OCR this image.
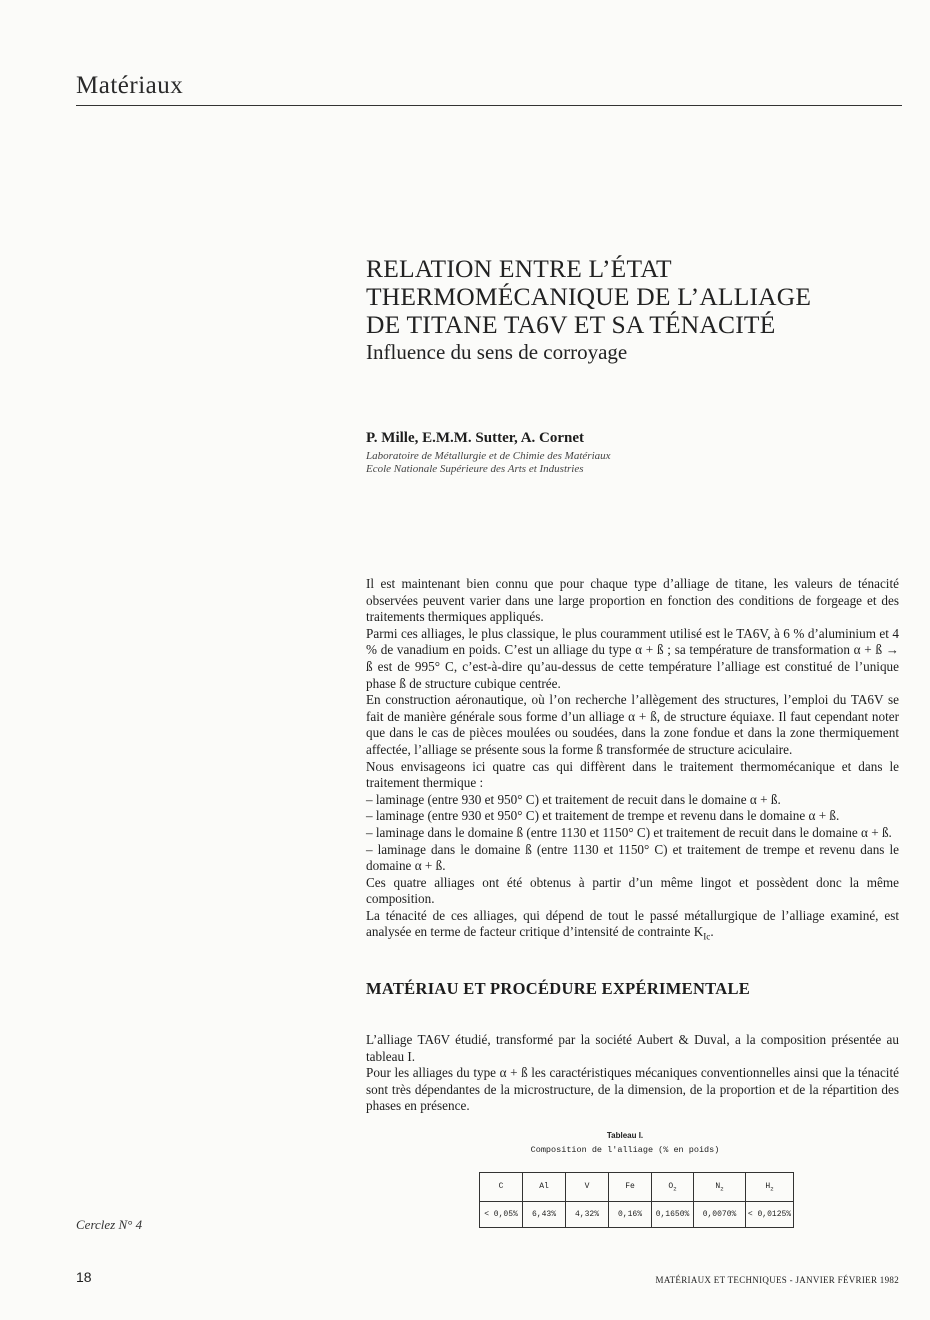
Matériaux
RELATION ENTRE L’ÉTAT
THERMOMÉCANIQUE DE L’ALLIAGE
DE TITANE TA6V ET SA TÉNACITÉ
Influence du sens de corroyage
P. Mille, E.M.M. Sutter, A. Cornet
Laboratoire de Métallurgie et de Chimie des Matériaux
Ecole Nationale Supérieure des Arts et Industries
Il est maintenant bien connu que pour chaque type d’alliage de titane, les valeurs de ténacité observées peuvent varier dans une large proportion en fonction des conditions de forgeage et des traitements thermiques appliqués.
Parmi ces alliages, le plus classique, le plus couramment utilisé est le TA6V, à 6 % d’aluminium et 4 % de vanadium en poids. C’est un alliage du type α + ß ; sa température de transformation α + ß → ß est de 995° C, c’est-à-dire qu’au-dessus de cette température l’alliage est constitué de l’unique phase ß de structure cubique centrée.
En construction aéronautique, où l’on recherche l’allègement des structures, l’emploi du TA6V se fait de manière générale sous forme d’un alliage α + ß, de structure équiaxe. Il faut cependant noter que dans le cas de pièces moulées ou soudées, dans la zone fondue et dans la zone thermiquement affectée, l’alliage se présente sous la forme ß transformée de structure aciculaire.
Nous envisageons ici quatre cas qui diffèrent dans le traitement thermomécanique et dans le traitement thermique :
– laminage (entre 930 et 950° C) et traitement de recuit dans le domaine α + ß.
– laminage (entre 930 et 950° C) et traitement de trempe et revenu dans le domaine α + ß.
– laminage dans le domaine ß (entre 1130 et 1150° C) et traitement de recuit dans le domaine α + ß.
– laminage dans le domaine ß (entre 1130 et 1150° C) et traitement de trempe et revenu dans le domaine α + ß.
Ces quatre alliages ont été obtenus à partir d’un même lingot et possèdent donc la même composition.
La ténacité de ces alliages, qui dépend de tout le passé métallurgique de l’alliage examiné, est analysée en terme de facteur critique d’intensité de contrainte $K_{Ic}$.
MATÉRIAU ET PROCÉDURE EXPÉRIMENTALE
L’alliage TA6V étudié, transformé par la société Aubert & Duval, a la composition présentée au tableau I.
Pour les alliages du type α + ß les caractéristiques mécaniques conventionnelles ainsi que la ténacité sont très dépendantes de la microstructure, de la dimension, de la proportion et de la répartition des phases en présence.
Tableau I.
Composition de l'alliage (% en poids)
C	Al	V	Fe	$O_2$	$N_2$	$H_2$
< 0,05%	6,43%	4,32%	0,16%	0,1650%	0,0070%	< 0,0125%
Cerclez N° 4
18	MATÉRIAUX ET TECHNIQUES - JANVIER FÉVRIER 1982
